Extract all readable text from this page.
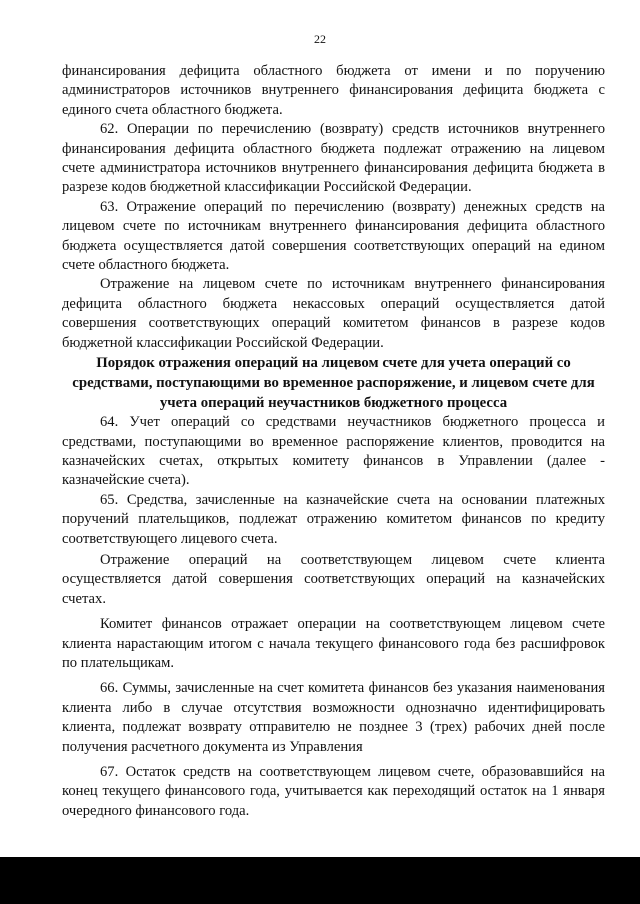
22

финансирования дефицита областного бюджета от имени и по поручению администраторов источников внутреннего финансирования дефицита бюджета с единого счета областного бюджета.

62. Операции по перечислению (возврату) средств источников внутреннего финансирования дефицита областного бюджета подлежат отражению на лицевом счете администратора источников внутреннего финансирования дефицита бюджета в разрезе кодов бюджетной классификации Российской Федерации.

63. Отражение операций по перечислению (возврату) денежных средств на лицевом счете по источникам внутреннего финансирования дефицита областного бюджета осуществляется датой совершения соответствующих операций на едином счете областного бюджета.

Отражение на лицевом счете по источникам внутреннего финансирования дефицита областного бюджета некассовых операций осуществляется датой совершения соответствующих операций комитетом финансов в разрезе кодов бюджетной классификации Российской Федерации.

Порядок отражения операций на лицевом счете для учета операций со средствами, поступающими во временное распоряжение, и лицевом счете для учета операций неучастников бюджетного процесса

64. Учет операций со средствами неучастников бюджетного процесса и средствами, поступающими во временное распоряжение клиентов, проводится на казначейских счетах, открытых комитету финансов в Управлении (далее - казначейские счета).

65. Средства, зачисленные на казначейские счета на основании платежных поручений плательщиков, подлежат отражению комитетом финансов по кредиту соответствующего лицевого счета.

Отражение операций на соответствующем лицевом счете клиента осуществляется датой совершения соответствующих операций на казначейских счетах.

Комитет финансов отражает операции на соответствующем лицевом счете клиента нарастающим итогом с начала текущего финансового года без расшифровок по плательщикам.

66. Суммы, зачисленные на счет комитета финансов без указания наименования клиента либо в случае отсутствия возможности однозначно идентифицировать клиента, подлежат возврату отправителю не позднее 3 (трех) рабочих дней после получения расчетного документа из Управления

67. Остаток средств на соответствующем лицевом счете, образовавшийся на конец текущего финансового года, учитывается как переходящий остаток на 1 января очередного финансового года.
